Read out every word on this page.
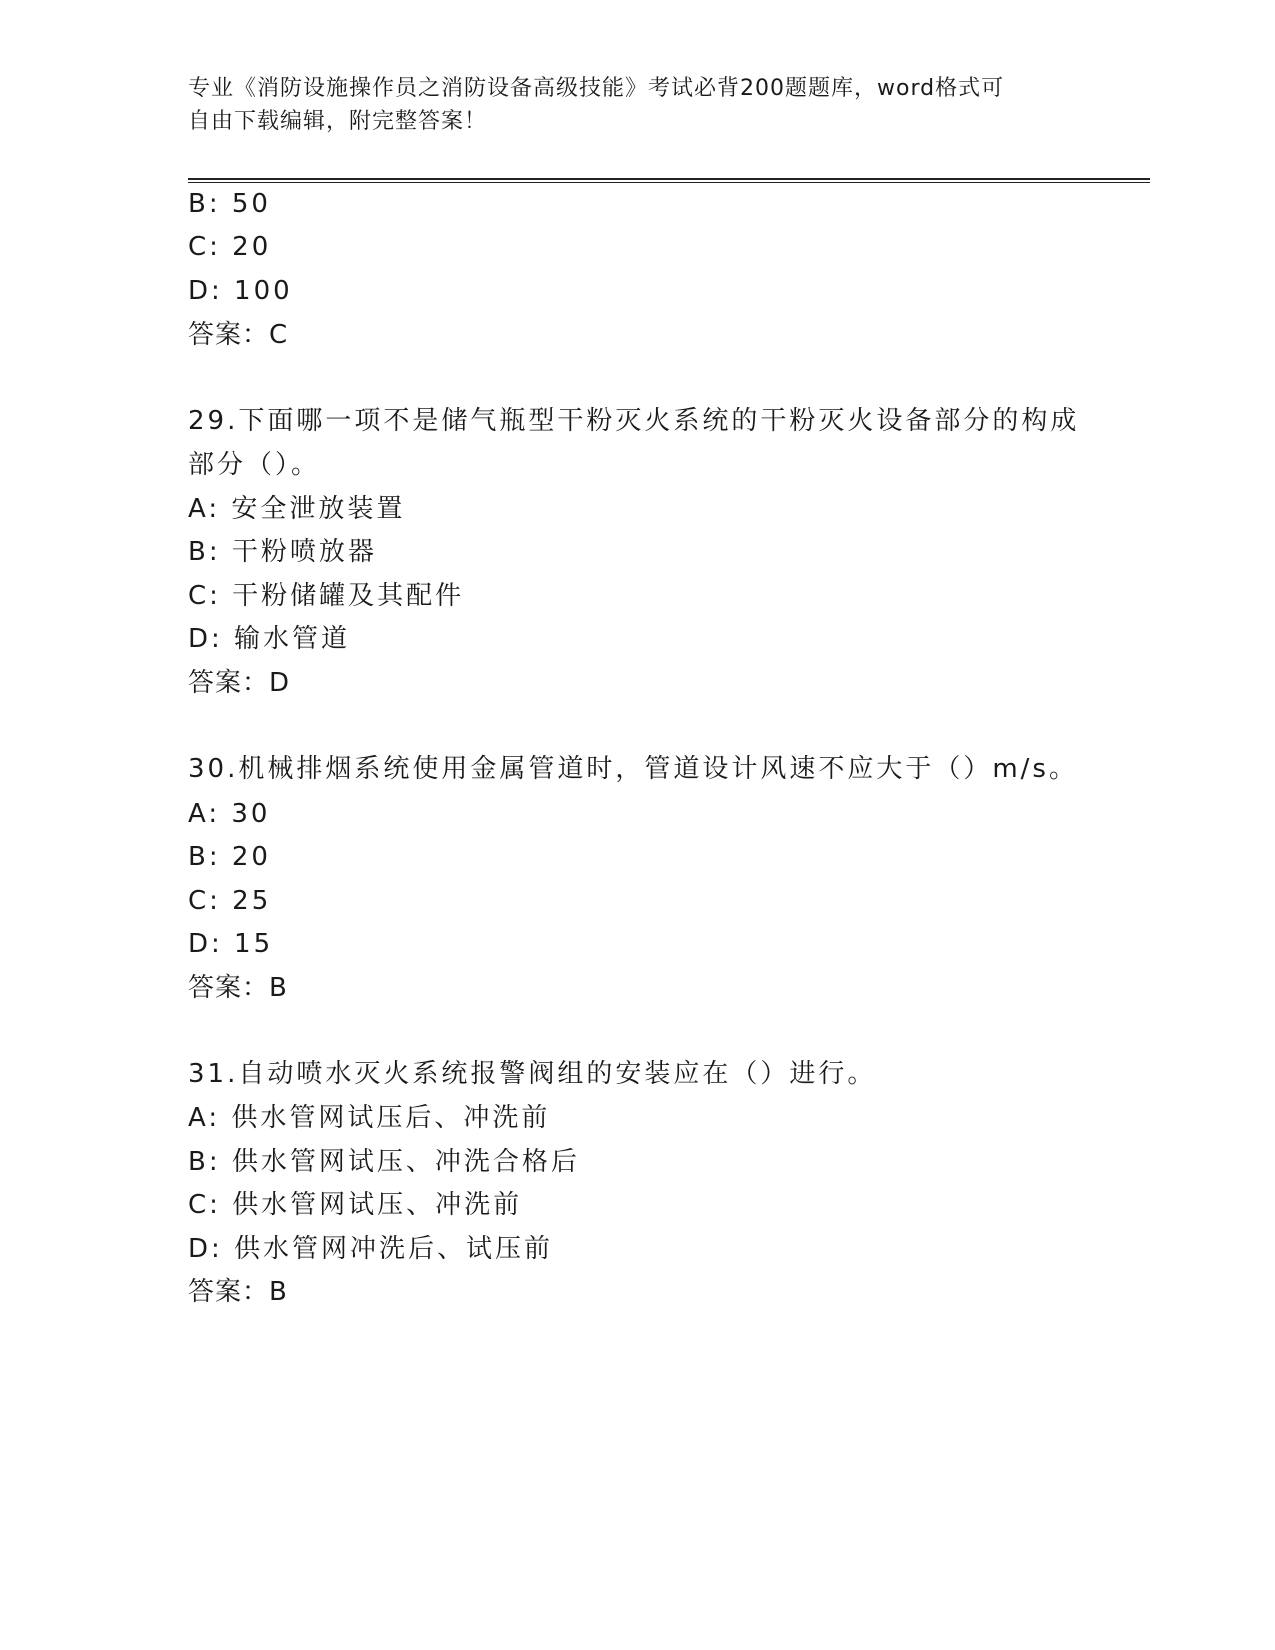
专业《消防设施操作员之消防设备高级技能》考试必背200题题库，word格式可
自由下载编辑，附完整答案！
B: 50
C: 20
D: 100
答案：C
29.下面哪一项不是储气瓶型干粉灭火系统的干粉灭火设备部分的构成
部分（）。
A: 安全泄放装置
B: 干粉喷放器
C: 干粉储罐及其配件
D: 输水管道
答案：D
30.机械排烟系统使用金属管道时，管道设计风速不应大于（）m/s。
A: 30
B: 20
C: 25
D: 15
答案：B
31.自动喷水灭火系统报警阀组的安装应在（）进行。
A: 供水管网试压后、冲洗前
B: 供水管网试压、冲洗合格后
C: 供水管网试压、冲洗前
D: 供水管网冲洗后、试压前
答案：B
